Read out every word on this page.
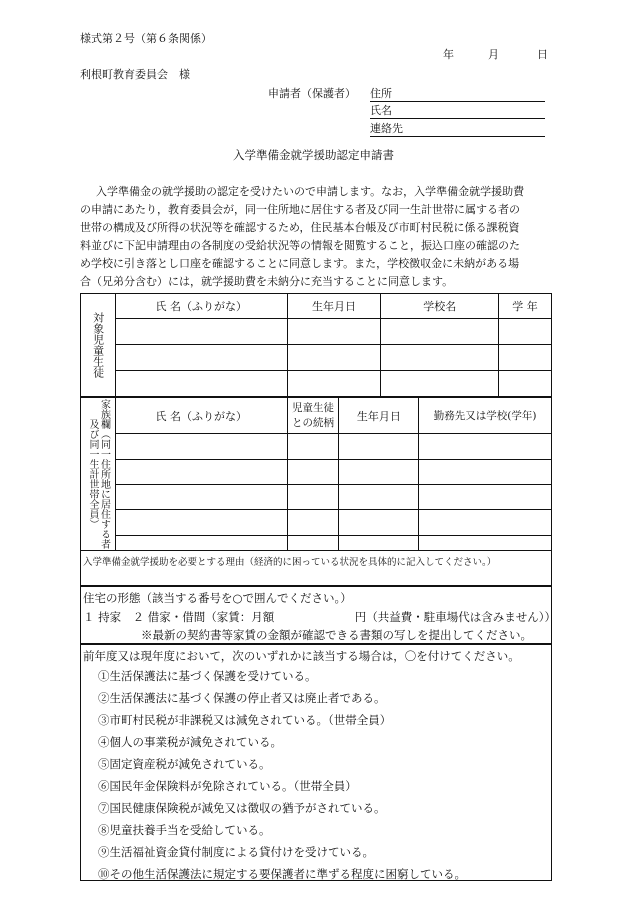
様式第２号（第６条関係）
年	月	日
利根町教育委員会　様
申請者（保護者） 住所
氏名
連絡先
入学準備金就学援助認定申請書
入学準備金の就学援助の認定を受けたいので申請します。なお，入学準備金就学援助費
の申請にあたり，教育委員会が，同一住所地に居住する者及び同一生計世帯に属する者の
世帯の構成及び所得の状況等を確認するため，住民基本台帳及び市町村民税に係る課税資
料並びに下記申請理由の各制度の受給状況等の情報を閲覧すること，振込口座の確認のた
め学校に引き落とし口座を確認することに同意します。また，学校徴収金に未納がある場
合（兄弟分含む）には，就学援助費を未納分に充当することに同意します。
対象児童生徒	氏 名（ふりがな）	生年月日	学校名	学 年

家族欄（同一住所地に居住する者及び同一生計世帯全員）	氏 名（ふりがな）	児童生徒との続柄	生年月日	勤務先又は学校(学年)

入学準備金就学援助を必要とする理由（経済的に困っている状況を具体的に記入してください。）
住宅の形態（該当する番号を○で囲んでください。）
１ 持家　２ 借家・借間（家賃：月額　　　　　　　円（共益費・駐車場代は含みません））
※最新の契約書等家賃の金額が確認できる書類の写しを提出してください。
前年度又は現年度において，次のいずれかに該当する場合は，〇を付けてください。
①生活保護法に基づく保護を受けている。
②生活保護法に基づく保護の停止者又は廃止者である。
③市町村民税が非課税又は減免されている。（世帯全員）
④個人の事業税が減免されている。
⑤固定資産税が減免されている。
⑥国民年金保険料が免除されている。（世帯全員）
⑦国民健康保険税が減免又は徴収の猶予がされている。
⑧児童扶養手当を受給している。
⑨生活福祉資金貸付制度による貸付けを受けている。
⑩その他生活保護法に規定する要保護者に準ずる程度に困窮している。
